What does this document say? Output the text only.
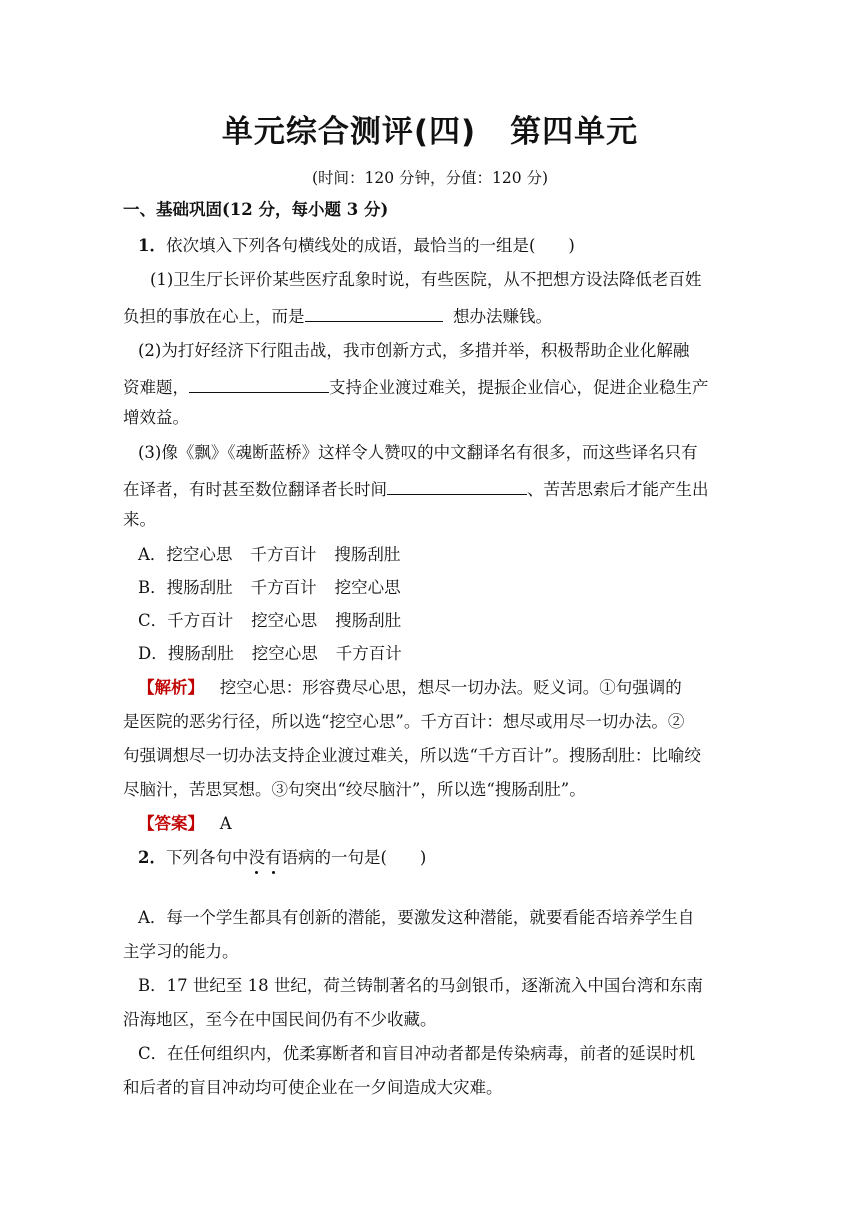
单元综合测评(四) 第四单元
(时间：120 分钟，分值：120 分)
一、基础巩固(12 分，每小题 3 分)
1．依次填入下列各句横线处的成语，最恰当的一组是(　　)
(1)卫生厅长评价某些医疗乱象时说，有些医院，从不把想方设法降低老百姓
负担的事放在心上，而是	想办法赚钱。
(2)为打好经济下行阻击战，我市创新方式，多措并举，积极帮助企业化解融
资难题，	支持企业渡过难关，提振企业信心，促进企业稳生产
增效益。
(3)像《飘》《魂断蓝桥》这样令人赞叹的中文翻译名有很多，而这些译名只有
在译者，有时甚至数位翻译者长时间	、苦苦思索后才能产生出
来。
A．挖空心思 千方百计 搜肠刮肚
B．搜肠刮肚 千方百计 挖空心思
C．千方百计 挖空心思 搜肠刮肚
D．搜肠刮肚 挖空心思 千方百计
【解析】 挖空心思：形容费尽心思，想尽一切办法。贬义词。①句强调的
是医院的恶劣行径，所以选“挖空心思”。千方百计：想尽或用尽一切办法。②
句强调想尽一切办法支持企业渡过难关，所以选“千方百计”。搜肠刮肚：比喻绞
尽脑汁，苦思冥想。③句突出“绞尽脑汁”，所以选“搜肠刮肚”。
【答案】 A
2．下列各句中没有语病的一句是(　　)
A．每一个学生都具有创新的潜能，要激发这种潜能，就要看能否培养学生自
主学习的能力。
B．17 世纪至 18 世纪，荷兰铸制著名的马剑银币，逐渐流入中国台湾和东南
沿海地区，至今在中国民间仍有不少收藏。
C．在任何组织内，优柔寡断者和盲目冲动者都是传染病毒，前者的延误时机
和后者的盲目冲动均可使企业在一夕间造成大灾难。
